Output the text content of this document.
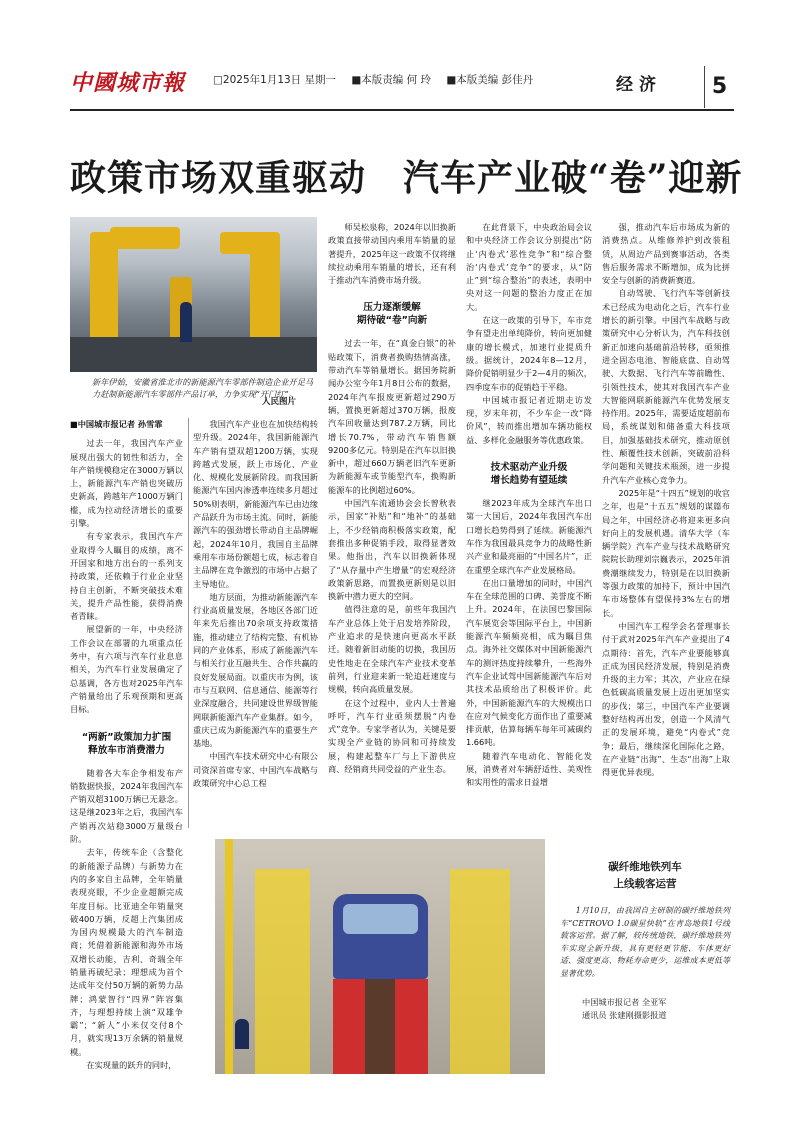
中國城市報	□2025年1月13日 星期一 ■本版责编 何 玲 ■本版美编 彭佳丹	经济	5
政策市场双重驱动　汽车产业破“卷”迎新
新年伊始，安徽省淮北市的新能源汽车零部件制造企业开足马力赶制新能源汽车零部件产品订单，力争实现“开门红”。
人民图片

■中国城市报记者 孙雪霏

过去一年，我国汽车产业展现出强大的韧性和活力，全年产销规模稳定在3000万辆以上，新能源汽车产销也突破历史新高，跨越年产1000万辆门槛，成为拉动经济增长的重要引擎。

有专家表示，我国汽车产业取得今人瞩目的成绩，离不开国家和地方出台的一系列支持政策，还依赖于行业企业坚持自主创新，不断突破技术难关，提升产品性能，获得消费者青睐。

展望新的一年，中央经济工作会议在部署的九项重点任务中，有六项与汽车行业息息相关，为汽车行业发展确定了总基调，各方也对2025年汽车产销量给出了乐观预期和更高目标。

“两新”政策加力扩围
释放车市消费潜力

随着各大车企争相发布产销数据快报，2024年我国汽车产销双超3100万辆已无悬念。这是继2023年之后，我国汽车产销再次站稳3000万量级台阶。

去年，传统车企（含整化的新能源子品牌）与新势力在内的多家自主品牌，全年销量表现亮眼，不少企业超额完成年度目标。比亚迪全年销量突破400万辆，反超上汽集团成为国内规模最大的汽车制造商；凭借着新能源和海外市场双增长动能，吉利、奇瑞全年销量再破纪录；理想成为首个达成年交付50万辆的新势力品牌；鸿蒙智行“四界”阵容集齐，与理想持续上演“双雄争霸”；“新人”小米仅交付8个月，就实现13万余辆的销量规模。

在实现量的跃升的同时，

我国汽车产业也在加快结构转型升级。2024年，我国新能源汽车产销有望双超1200万辆，实现跨越式发展，跃上市场化、产业化、规模化发展新阶段。而我国新能源汽车国内渗透率连续多月超过50%则表明，新能源汽车已由边缘产品跃升为市场主流。同时，新能源汽车的强劲增长带动自主品牌崛起，2024年10月，我国自主品牌乘用车市场份额超七成，标志着自主品牌在竞争激烈的市场中占据了主导地位。

地方层面，为推动新能源汽车行业高质量发展，各地区各部门近年来先后推出70余项支持政策措施，推动建立了结构完整、有机协同的产业体系，形成了新能源汽车与相关行业互融共生、合作共赢的良好发展局面。以重庆市为例，该市与互联网、信息通信、能源等行业深度融合，共同建设世界级智能网联新能源汽车产业集群。如今，重庆已成为新能源汽车的重要生产基地。

中国汽车技术研究中心有限公司资深首席专家、中国汽车战略与政策研究中心总工程

师吴松泉称，2024年以旧换新政策直接带动国内乘用车销量的显著提升，2025年这一政策不仅将继续拉动乘用车销量的增长，还有利于推动汽车消费市场升级。

压力逐渐缓解
期待破“卷”向新

过去一年，在“真金白银”的补贴政策下，消费者换购热情高涨，带动汽车等销量增长。据国务院新闻办公室今年1月8日公布的数据，2024年汽车报废更新超过290万辆，置换更新超过370万辆，报废汽车回收量达到787.2万辆，同比增长70.7%，带动汽车销售额9200多亿元。特别是在汽车以旧换新中，超过660万辆老旧汽车更新为新能源车或节能型汽车，换购新能源车的比例超过60%。

中国汽车流通协会会长曾秋表示，国家“补贴”和“地补”的基础上，不少经销商积极落实政策，配套推出多种促销手段，取得显著效果。他指出，汽车以旧换新体现了“从存量中产生增量”的宏观经济政策新思路，而置换更新则是以旧换新中潜力更大的空间。

值得注意的是，前些年我国汽车产业总体上处于启发培养阶段，产业追求的是快速向更高水平跃迁。随着新旧动能的切换，我国历史性地走在全球汽车产业技术变革前列，行业迎来新一轮追赶速度与规模，转向高质量发展。

在这个过程中，业内人士普遍呼吁，汽车行业亟须摆脱“内卷式”竞争。专家学者认为，关键是要实现全产业链的协同和可持续发展，构建起整车厂与上下游供应商、经销商共同受益的产业生态。

在此背景下，中央政治局会议和中央经济工作会议分别提出“防止‘内卷式’恶性竞争”和“综合整治‘内卷式’竞争”的要求，从“防止”到“综合整治”的表述，表明中央对这一问题的整治力度正在加大。

在这一政策的引导下，车市竞争有望走出单纯降价，转向更加健康的增长模式，加速行业提质升级。据统计，2024年8—12月，降价促销明显少于2—4月的频次，四季度车市的促销趋于平稳。

中国城市报记者近期走访发现，岁末年初，不少车企一改“降价风”，转而推出增加车辆功能权益、多样化金融服务等优惠政策。

技术驱动产业升级
增长趋势有望延续

继2023年成为全球汽车出口第一大国后，2024年我国汽车出口增长趋势得到了延续。新能源汽车作为我国最具竞争力的战略性新兴产业和最亮丽的“中国名片”，正在重塑全球汽车产业发展格局。

在出口量增加的同时，中国汽车在全球范围的口碑、美誉度不断上升。2024年，在法国巴黎国际汽车展览会等国际平台上，中国新能源汽车频频亮相，成为瞩目焦点。海外社交媒体对中国新能源汽车的测评热度持续攀升，一些海外汽车企业试驾中国新能源汽车后对其技术品质给出了积极评价。此外，中国新能源汽车的大规模出口在应对气候变化方面作出了重要减排贡献，估算每辆车每年可减碳约1.66吨。

随着汽车电动化、智能化发展，消费者对车辆舒适性、美观性和实用性的需求日益增

强，推动汽车后市场成为新的消费热点。从维修养护到改装租赁，从周边产品到赛事活动，各类售后服务需求不断增加，成为比拼安全与创新的消费新赛道。

自动驾驶、飞行汽车等创新技术已经成为电动化之后，汽车行业增长的新引擎。中国汽车战略与政策研究中心分析认为，汽车科技创新正加速向基础前沿转移，亟须推进全固态电池、智能底盘、自动驾驶、大数据、飞行汽车等前瞻性、引领性技术，使其对我国汽车产业大智能网联新能源汽车优势发展支持作用。2025年，需要适度超前布局，系统谋划和储备重大科技项目，加强基础技术研究，推动原创性、颠覆性技术创新，突破前沿科学问题和关键技术瓶颈，进一步提升汽车产业核心竞争力。

2025年是“十四五”规划的收官之年，也是“十五五”规划的谋篇布局之年，中国经济必将迎来更多向好向上的发展机遇。清华大学（车辆学院）汽车产业与技术战略研究院院长助理刘宗巍表示，2025年消费潮继续发力，特别是在以旧换新等强力政策的加持下，预计中国汽车市场整体有望保持3%左右的增长。

中国汽车工程学会名誉理事长付于武对2025年汽车产业提出了4点期待：首先，汽车产业要能够真正成为国民经济发展，特别是消费升级的主力军；其次，产业应在绿色低碳高质量发展上迈出更加坚实的步伐；第三，中国汽车产业要调整好结构再出发，创造一个风清气正的发展环境，避免“内卷式”竞争；最后，继续深化国际化之路，在产业链“出海”、生态“出海”上取得更优异表现。

碳纤维地铁列车
上线载客运营
1月10日，由我国自主研制的碳纤维地铁列车“CETROVO 1.0碳星快轨”在青岛地铁1号线载客运营。据了解，较传统地铁，碳纤维地铁列车实现全新升级，具有更轻更节能、车体更好适、强度更高、物耗寿命更少，运维成本更低等显著优势。
中国城市报记者 全亚军
通讯员 张建刚摄影报道
